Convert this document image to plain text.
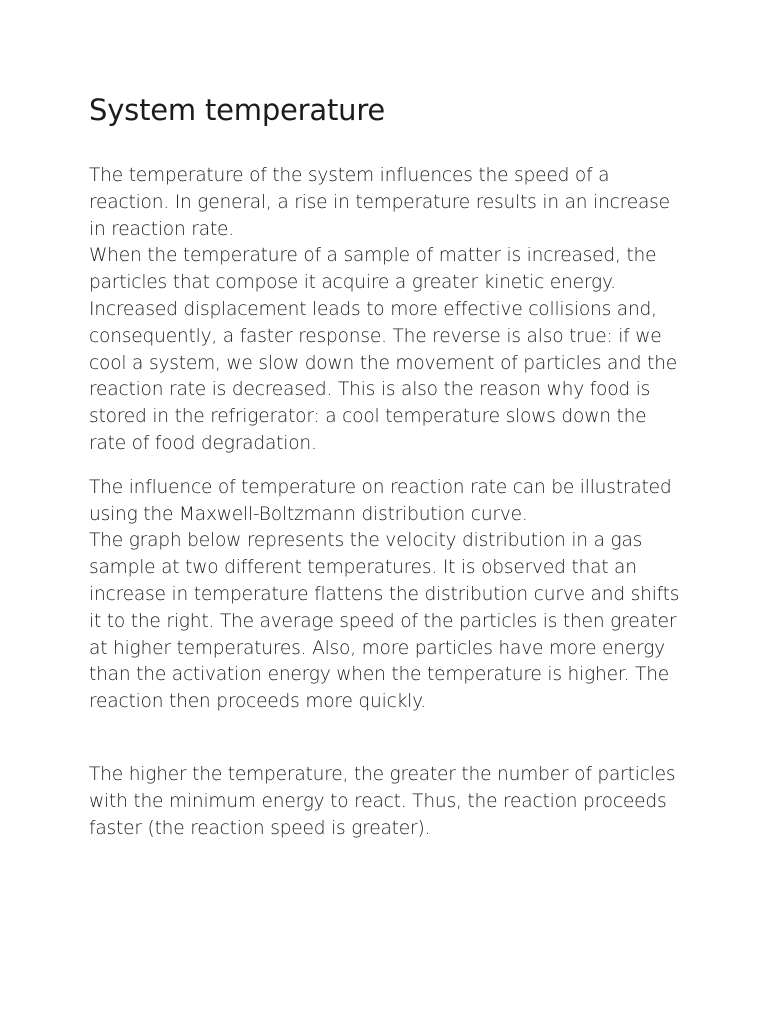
System temperature

The temperature of the system influences the speed of a reaction. In general, a rise in temperature results in an increase in reaction rate.

When the temperature of a sample of matter is increased, the particles that compose it acquire a greater kinetic energy. Increased displacement leads to more effective collisions and, consequently, a faster response. The reverse is also true: if we cool a system, we slow down the movement of particles and the reaction rate is decreased. This is also the reason why food is stored in the refrigerator: a cool temperature slows down the rate of food degradation.

The influence of temperature on reaction rate can be illustrated using the Maxwell-Boltzmann distribution curve.

The graph below represents the velocity distribution in a gas sample at two different temperatures. It is observed that an increase in temperature flattens the distribution curve and shifts it to the right. The average speed of the particles is then greater at higher temperatures. Also, more particles have more energy than the activation energy when the temperature is higher. The reaction then proceeds more quickly.

The higher the temperature, the greater the number of particles with the minimum energy to react. Thus, the reaction proceeds faster (the reaction speed is greater).
